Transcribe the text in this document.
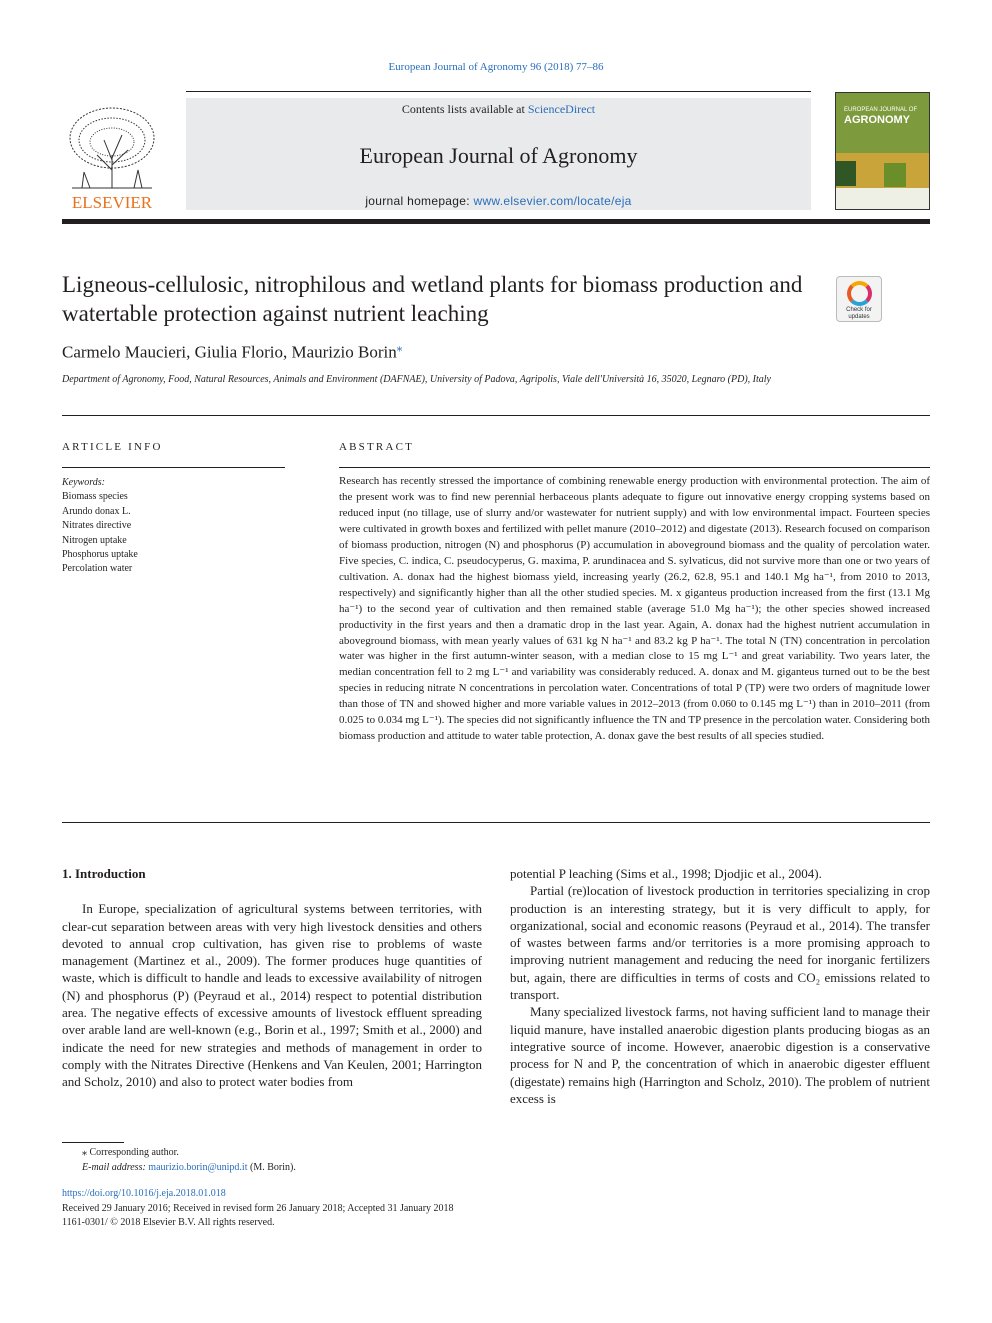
European Journal of Agronomy 96 (2018) 77–86
ELSEVIER
Contents lists available at ScienceDirect
European Journal of Agronomy
journal homepage: www.elsevier.com/locate/eja
EUROPEAN JOURNAL OF
AGRONOMY
Ligneous-cellulosic, nitrophilous and wetland plants for biomass production and watertable protection against nutrient leaching	Check for updates
Carmelo Maucieri, Giulia Florio, Maurizio Borin⁎
Department of Agronomy, Food, Natural Resources, Animals and Environment (DAFNAE), University of Padova, Agripolis, Viale dell'Università 16, 35020, Legnaro (PD), Italy
ARTICLE INFO	ABSTRACT
Keywords:
Biomass species
Arundo donax L.
Nitrates directive
Nitrogen uptake
Phosphorus uptake
Percolation water
Research has recently stressed the importance of combining renewable energy production with environmental protection. The aim of the present work was to find new perennial herbaceous plants adequate to figure out innovative energy cropping systems based on reduced input (no tillage, use of slurry and/or wastewater for nutrient supply) and with low environmental impact. Fourteen species were cultivated in growth boxes and fertilized with pellet manure (2010–2012) and digestate (2013). Research focused on comparison of biomass production, nitrogen (N) and phosphorus (P) accumulation in aboveground biomass and the quality of percolation water. Five species, C. indica, C. pseudocyperus, G. maxima, P. arundinacea and S. sylvaticus, did not survive more than one or two years of cultivation. A. donax had the highest biomass yield, increasing yearly (26.2, 62.8, 95.1 and 140.1 Mg ha⁻¹, from 2010 to 2013, respectively) and significantly higher than all the other studied species. M. x giganteus production increased from the first (13.1 Mg ha⁻¹) to the second year of cultivation and then remained stable (average 51.0 Mg ha⁻¹); the other species showed increased productivity in the first years and then a dramatic drop in the last year. Again, A. donax had the highest nutrient accumulation in aboveground biomass, with mean yearly values of 631 kg N ha⁻¹ and 83.2 kg P ha⁻¹. The total N (TN) concentration in percolation water was higher in the first autumn-winter season, with a median close to 15 mg L⁻¹ and great variability. Two years later, the median concentration fell to 2 mg L⁻¹ and variability was considerably reduced. A. donax and M. giganteus turned out to be the best species in reducing nitrate N concentrations in percolation water. Concentrations of total P (TP) were two orders of magnitude lower than those of TN and showed higher and more variable values in 2012–2013 (from 0.060 to 0.145 mg L⁻¹) than in 2010–2011 (from 0.025 to 0.034 mg L⁻¹). The species did not significantly influence the TN and TP presence in the percolation water. Considering both biomass production and attitude to water table protection, A. donax gave the best results of all species studied.
1. Introduction
In Europe, specialization of agricultural systems between territories, with clear-cut separation between areas with very high livestock densities and others devoted to annual crop cultivation, has given rise to problems of waste management (Martinez et al., 2009). The former produces huge quantities of waste, which is difficult to handle and leads to excessive availability of nitrogen (N) and phosphorus (P) (Peyraud et al., 2014) respect to potential distribution area. The negative effects of excessive amounts of livestock effluent spreading over arable land are well-known (e.g., Borin et al., 1997; Smith et al., 2000) and indicate the need for new strategies and methods of management in order to comply with the Nitrates Directive (Henkens and Van Keulen, 2001; Harrington and Scholz, 2010) and also to protect water bodies from
potential P leaching (Sims et al., 1998; Djodjic et al., 2004).
Partial (re)location of livestock production in territories specializing in crop production is an interesting strategy, but it is very difficult to apply, for organizational, social and economic reasons (Peyraud et al., 2014). The transfer of wastes between farms and/or territories is a more promising approach to improving nutrient management and reducing the need for inorganic fertilizers but, again, there are difficulties in terms of costs and CO₂ emissions related to transport.
Many specialized livestock farms, not having sufficient land to manage their liquid manure, have installed anaerobic digestion plants producing biogas as an integrative source of income. However, anaerobic digestion is a conservative process for N and P, the concentration of which in anaerobic digester effluent (digestate) remains high (Harrington and Scholz, 2010). The problem of nutrient excess is
⁎ Corresponding author.
E-mail address: maurizio.borin@unipd.it (M. Borin).
https://doi.org/10.1016/j.eja.2018.01.018
Received 29 January 2016; Received in revised form 26 January 2018; Accepted 31 January 2018
1161-0301/ © 2018 Elsevier B.V. All rights reserved.
